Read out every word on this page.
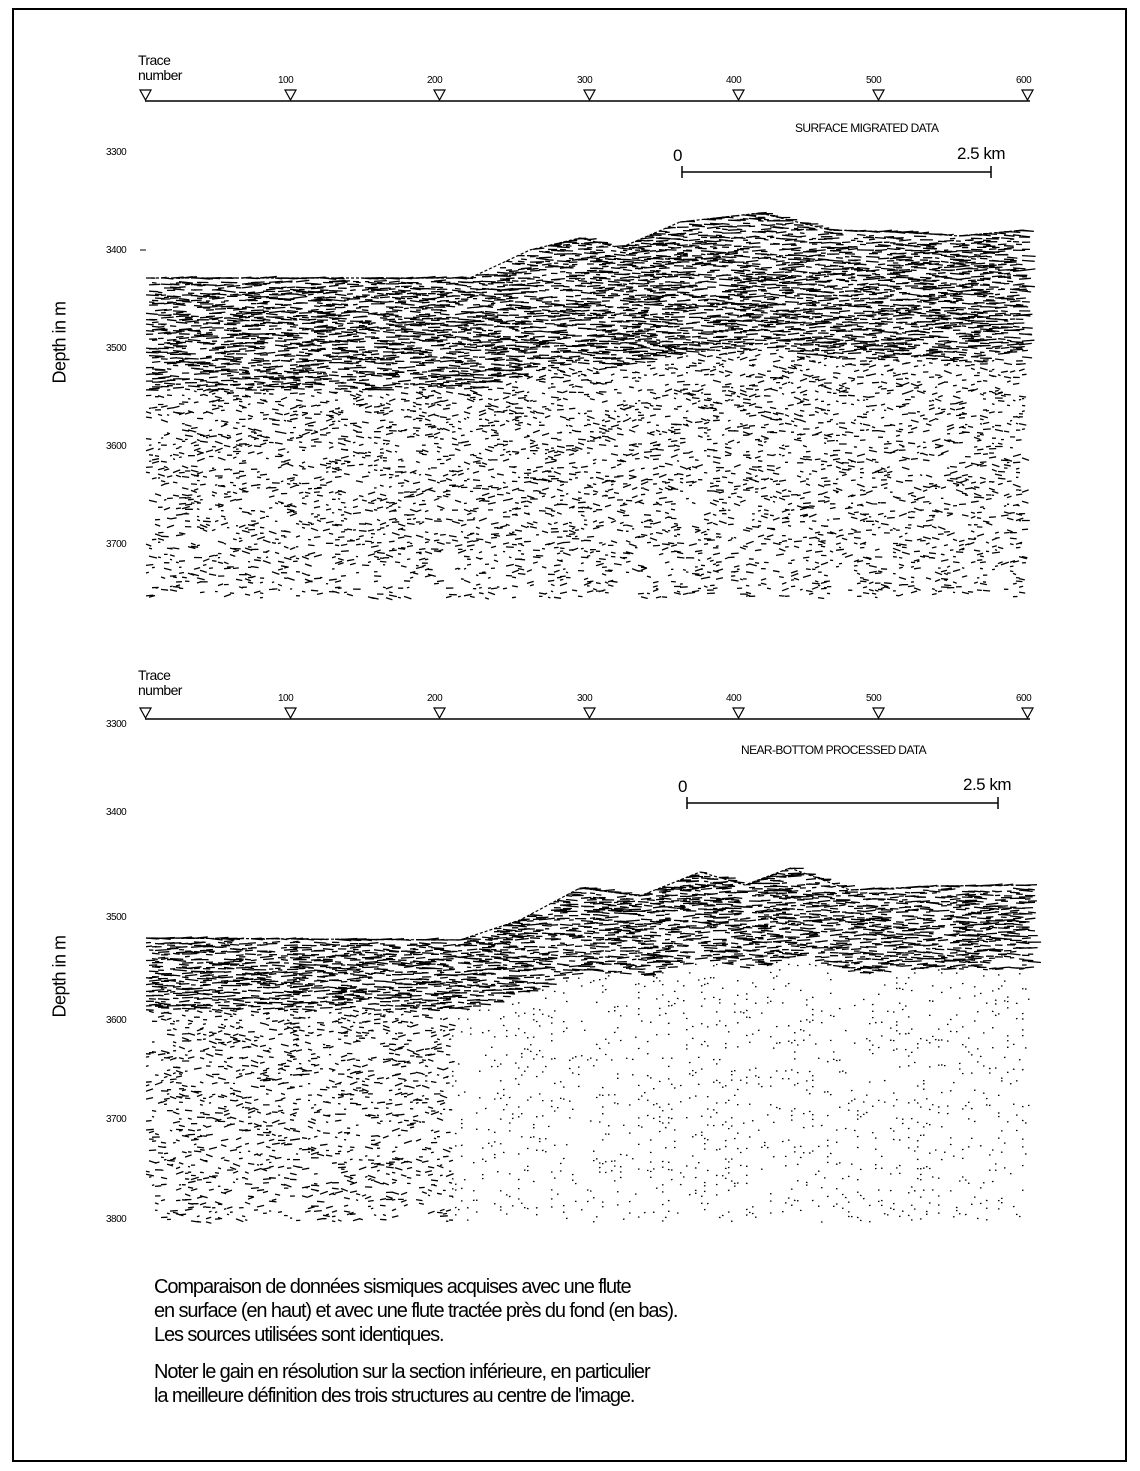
Trace
number	100	200	300	400	500	600
SURFACE MIGRATED DATA
0	2.5 km
3300
3400
3500
3600
3700
Depth in m
Trace
number
100	200	300	400	500	600
NEAR-BOTTOM PROCESSED DATA
0	2.5 km
3300
3400
3500
3600
3700
3800
Depth in m
Comparaison de données sismiques acquises avec une flute
en surface (en haut) et avec une flute tractée près du fond (en bas).
Les sources utilisées sont identiques.
Noter le gain en résolution sur la section inférieure, en particulier
la meilleure définition des trois structures au centre de l'image.
